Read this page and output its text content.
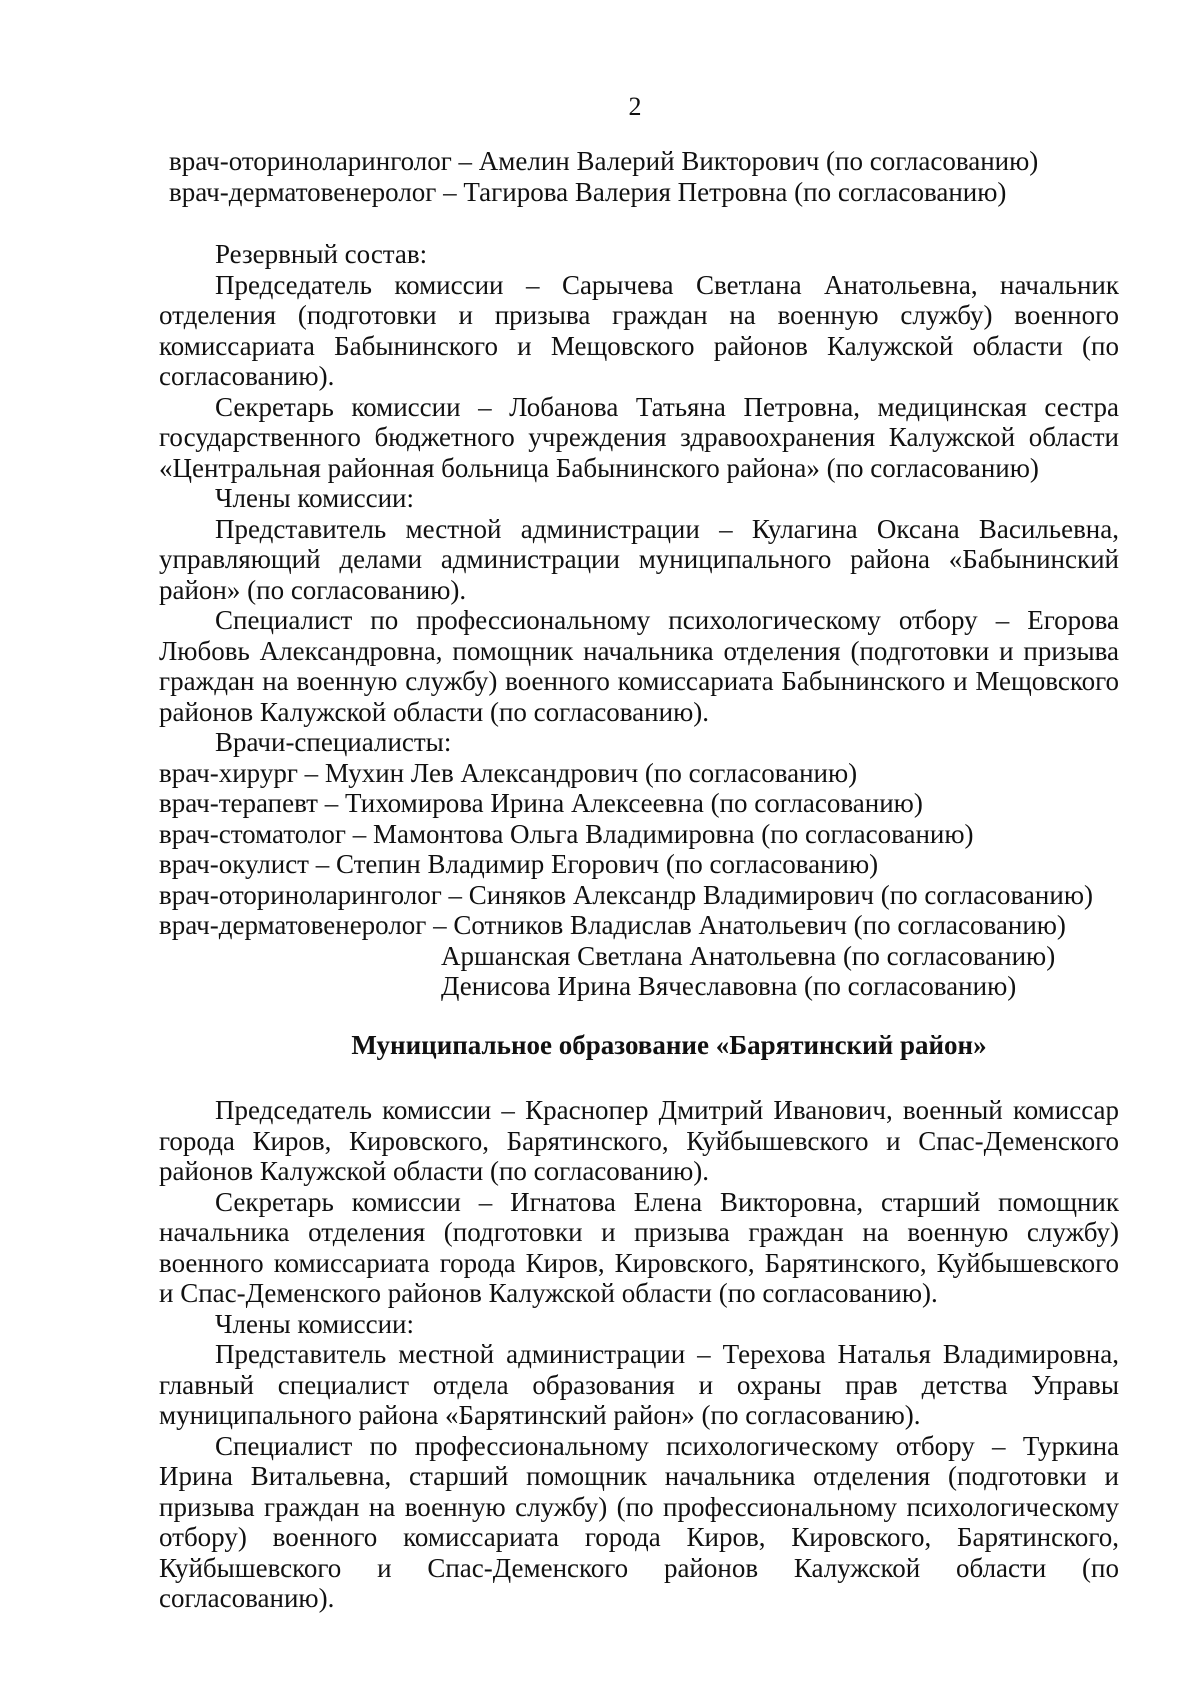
2
врач-оториноларинголог – Амелин Валерий Викторович (по согласованию)
врач-дерматовенеролог – Тагирова Валерия Петровна (по согласованию)
Резервный состав:

Председатель комиссии – Сарычева Светлана Анатольевна, начальник отделения (подготовки и призыва граждан на военную службу) военного комиссариата Бабынинского и Мещовского районов Калужской области (по согласованию).

Секретарь комиссии – Лобанова Татьяна Петровна, медицинская сестра государственного бюджетного учреждения здравоохранения Калужской области «Центральная районная больница Бабынинского района» (по согласованию)

Члены комиссии:

Представитель местной администрации – Кулагина Оксана Васильевна, управляющий делами администрации муниципального района «Бабынинский район» (по согласованию).

Специалист по профессиональному психологическому отбору – Егорова Любовь Александровна, помощник начальника отделения (подготовки и призыва граждан на военную службу) военного комиссариата Бабынинского и Мещовского районов Калужской области (по согласованию).

Врачи-специалисты:
врач-хирург – Мухин Лев Александрович (по согласованию)
врач-терапевт – Тихомирова Ирина Алексеевна (по согласованию)
врач-стоматолог – Мамонтова Ольга Владимировна (по согласованию)
врач-окулист – Степин Владимир Егорович (по согласованию)
врач-оториноларинголог – Синяков Александр Владимирович (по согласованию)
врач-дерматовенеролог – Сотников Владислав Анатольевич (по согласованию)
Аршанская Светлана Анатольевна (по согласованию)
Денисова Ирина Вячеславовна (по согласованию)
Муниципальное образование «Барятинский район»

Председатель комиссии – Краснопер Дмитрий Иванович, военный комиссар города Киров, Кировского, Барятинского, Куйбышевского и Спас-Деменского районов Калужской области (по согласованию).

Секретарь комиссии – Игнатова Елена Викторовна, старший помощник начальника отделения (подготовки и призыва граждан на военную службу) военного комиссариата города Киров, Кировского, Барятинского, Куйбышевского и Спас-Деменского районов Калужской области (по согласованию).

Члены комиссии:

Представитель местной администрации – Терехова Наталья Владимировна, главный специалист отдела образования и охраны прав детства Управы муниципального района «Барятинский район» (по согласованию).

Специалист по профессиональному психологическому отбору – Туркина Ирина Витальевна, старший помощник начальника отделения (подготовки и призыва граждан на военную службу) (по профессиональному психологическому отбору) военного комиссариата города Киров, Кировского, Барятинского, Куйбышевского и Спас-Деменского районов Калужской области (по согласованию).
